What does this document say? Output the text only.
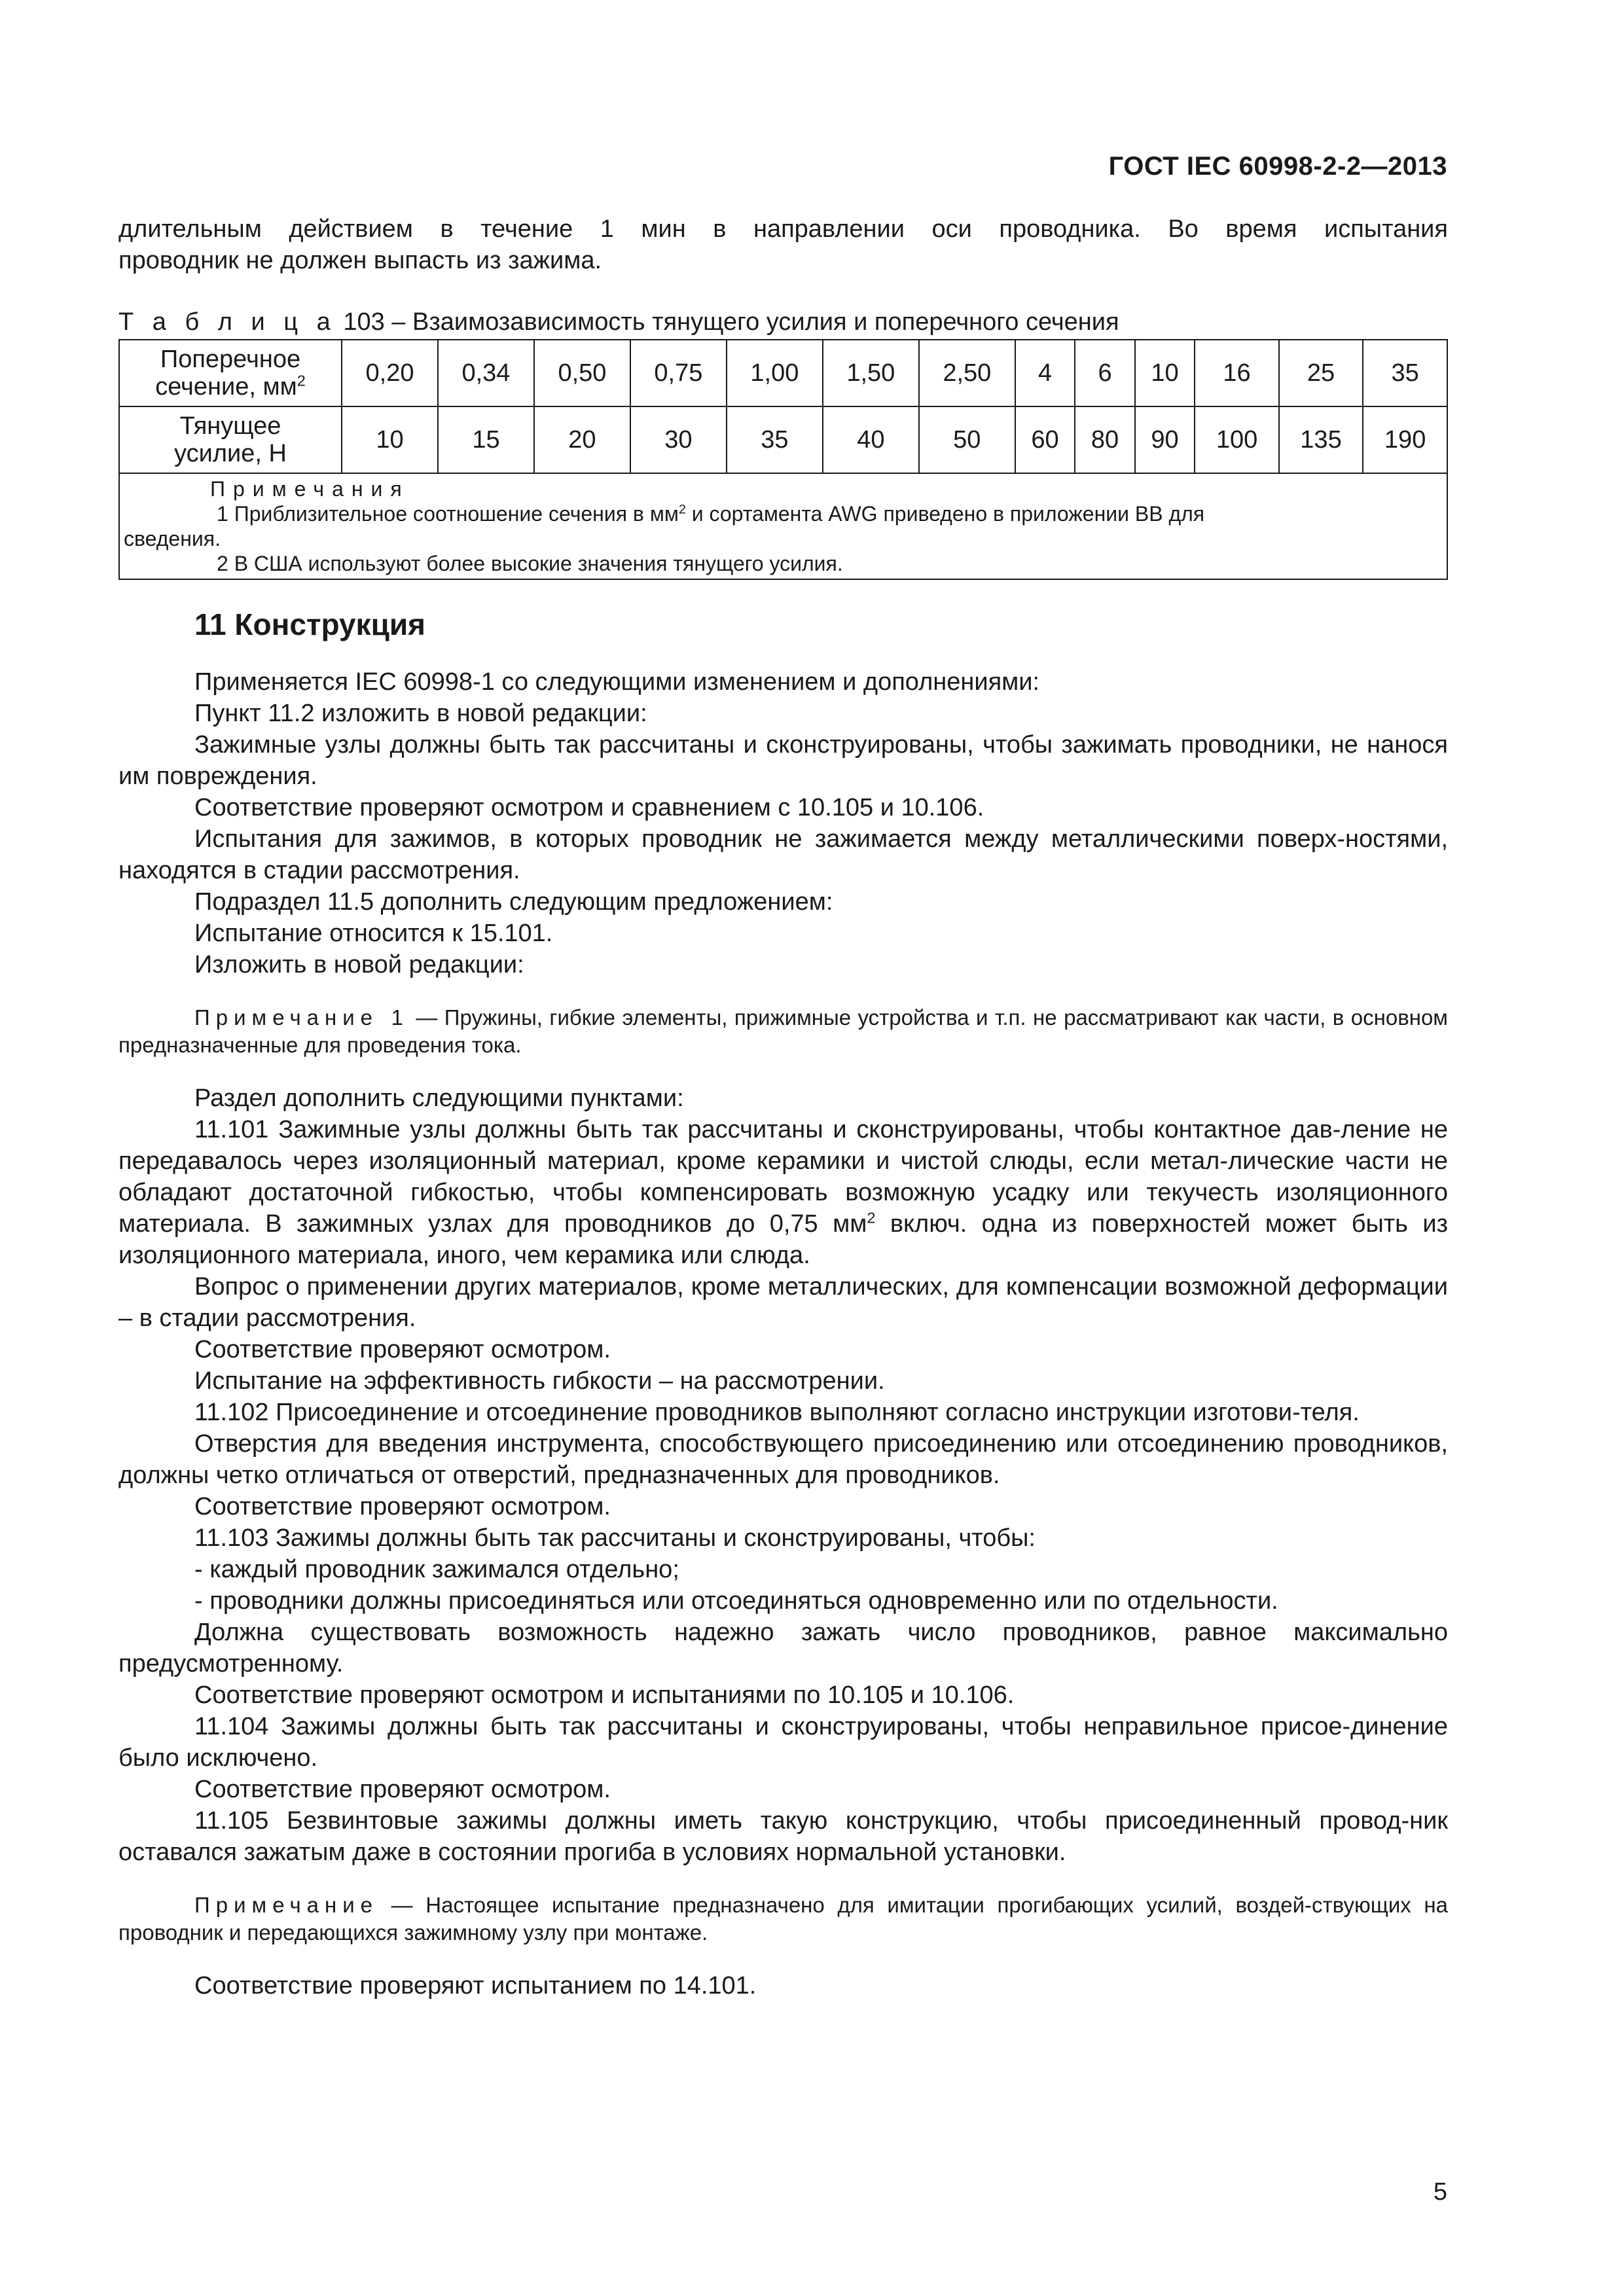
ГОСТ IEC 60998-2-2—2013

длительным действием в течение 1 мин в направлении оси проводника. Во время испытания

проводник не должен выпасть из зажима.

Т а б л и ц а 103 – Взаимозависимость тянущего усилия и поперечного сечения
Поперечное
сечение, $мм^2$	0,20	0,34	0,50	0,75	1,00	1,50	2,50	4	6	10	16	25	35

Тянущее
усилие, Н	10	15	20	30	35	40	50	60	80	90	100	135	190

Примечания
1 Приблизительное соотношение сечения в $мм^2$ и сортамента AWG приведено в приложении ВВ для
сведения.
2 В США используют более высокие значения тянущего усилия.													
11 Конструкция

Применяется IEC 60998-1 со следующими изменением и дополнениями:

Пункт 11.2 изложить в новой редакции:

Зажимные узлы должны быть так рассчитаны и сконструированы, чтобы зажимать проводники, не нанося им повреждения.

Соответствие проверяют осмотром и сравнением с 10.105 и 10.106.

Испытания для зажимов, в которых проводник не зажимается между металлическими поверх-ностями, находятся в стадии рассмотрения.

Подраздел 11.5 дополнить следующим предложением:

Испытание относится к 15.101.

Изложить в новой редакции:

Примечание 1 — Пружины, гибкие элементы, прижимные устройства и т.п. не рассматривают как части, в основном предназначенные для проведения тока.

Раздел дополнить следующими пунктами:

11.101 Зажимные узлы должны быть так рассчитаны и сконструированы, чтобы контактное дав-ление не передавалось через изоляционный материал, кроме керамики и чистой слюды, если метал-лические части не обладают достаточной гибкостью, чтобы компенсировать возможную усадку или текучесть изоляционного материала. В зажимных узлах для проводников до 0,75 $мм^2$ включ. одна из поверхностей может быть из изоляционного материала, иного, чем керамика или слюда.

Вопрос о применении других материалов, кроме металлических, для компенсации возможной деформации – в стадии рассмотрения.

Соответствие проверяют осмотром.

Испытание на эффективность гибкости – на рассмотрении.

11.102 Присоединение и отсоединение проводников выполняют согласно инструкции изготови-теля.

Отверстия для введения инструмента, способствующего присоединению или отсоединению проводников, должны четко отличаться от отверстий, предназначенных для проводников.

Соответствие проверяют осмотром.

11.103 Зажимы должны быть так рассчитаны и сконструированы, чтобы:

- каждый проводник зажимался отдельно;

- проводники должны присоединяться или отсоединяться одновременно или по отдельности.

Должна существовать возможность надежно зажать число проводников, равное максимально предусмотренному.

Соответствие проверяют осмотром и испытаниями по 10.105 и 10.106.

11.104 Зажимы должны быть так рассчитаны и сконструированы, чтобы неправильное присое-динение было исключено.

Соответствие проверяют осмотром.

11.105 Безвинтовые зажимы должны иметь такую конструкцию, чтобы присоединенный провод-ник оставался зажатым даже в состоянии прогиба в условиях нормальной установки.

Примечание — Настоящее испытание предназначено для имитации прогибающих усилий, воздей-ствующих на проводник и передающихся зажимному узлу при монтаже.

Соответствие проверяют испытанием по 14.101.

5
